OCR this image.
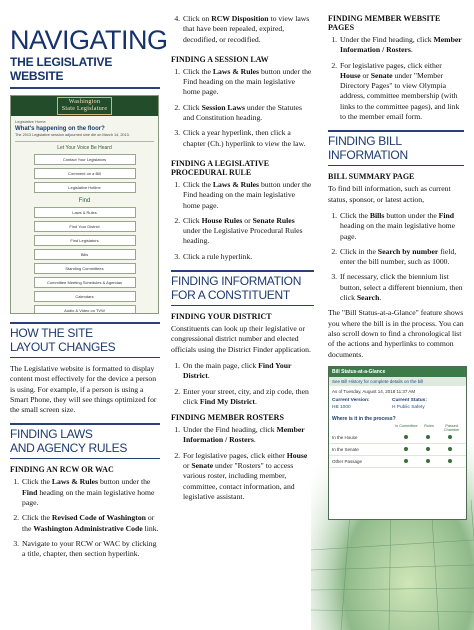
NAVIGATING
THE LEGISLATIVE WEBSITE
Washington
State Legislature
Legislative Home
What's happening on the floor?
The 2013 Legislative session adjourned sine die on March 14, 2013.
Let Your Voice Be Heard
Contact Your Legislators
Comment on a Bill
Legislative Hotline
Find
Laws & Rules
Find Your District
Find Legislators
Bills
Standing Committees
Committee Meeting Schedules & Agendas
Calendars
Audio & Video on TVW
HOW THE SITE
LAYOUT CHANGES

The Legislative website is formatted to display content most effectively for the device a person is using. For example, if a person is using a Smart Phone, they will see things optimized for the small screen size.

FINDING LAWS
AND AGENCY RULES
FINDING AN RCW OR WAC
1. Click the Laws & Rules button under the Find heading on the main legislative home page.
2. Click the Revised Code of Washington or the Washington Administrative Code link.
3. Navigate to your RCW or WAC by clicking a title, chapter, then section hyperlink.
4. Click on RCW Disposition to view laws that have been repealed, expired, decodified, or recodified.
FINDING A SESSION LAW
1. Click the Laws & Rules button under the Find heading on the main legislative home page.
2. Click Session Laws under the Statutes and Constitution heading.
3. Click a year hyperlink, then click a chapter (Ch.) hyperlink to view the law.
FINDING A LEGISLATIVE
PROCEDURAL RULE
1. Click the Laws & Rules button under the Find heading on the main legislative home page.
2. Click House Rules or Senate Rules under the Legislative Procedural Rules heading.
3. Click a rule hyperlink.
FINDING INFORMATION
FOR A CONSTITUENT
FINDING YOUR DISTRICT

Constituents can look up their legislative or congressional district number and elected officials using the District Finder application.

1. On the main page, click Find Your District.
2. Enter your street, city, and zip code, then click Find My District.
FINDING MEMBER ROSTERS
1. Under the Find heading, click Member Information / Rosters.
2. For legislative pages, click either House or Senate under "Rosters" to access various roster, including member, committee, contact information, and legislative assistant.
FINDING MEMBER WEBSITE PAGES
1. Under the Find heading, click Member Information / Rosters.
2. For legislative pages, click either House or Senate under "Member Directory Pages" to view Olympia address, committee membership (with links to the committee pages), and link to the member email form.
FINDING BILL INFORMATION
BILL SUMMARY PAGE

To find bill information, such as current status, sponsor, or latest action,

1. Click the Bills button under the Find heading on the main legislative home page.
2. Click in the Search by number field, enter the bill number, such as 1000.
3. If necessary, click the biennium list button, select a different biennium, then click Search.

The "Bill Status-at-a-Glance" feature shows you where the bill is in the process. You can also scroll down to find a chronological list of the actions and hyperlinks to common documents.

Bill Status-at-a-Glance
See Bill History for complete details on the bill
As of Tuesday, August 14, 2018 11:37 AM
Current Version:	Current Status:
HB 1000	H Public Safety
Where is it in the process?
In Committee	Rules	Passed Chamber
In the House
In the Senate
Other Passage
